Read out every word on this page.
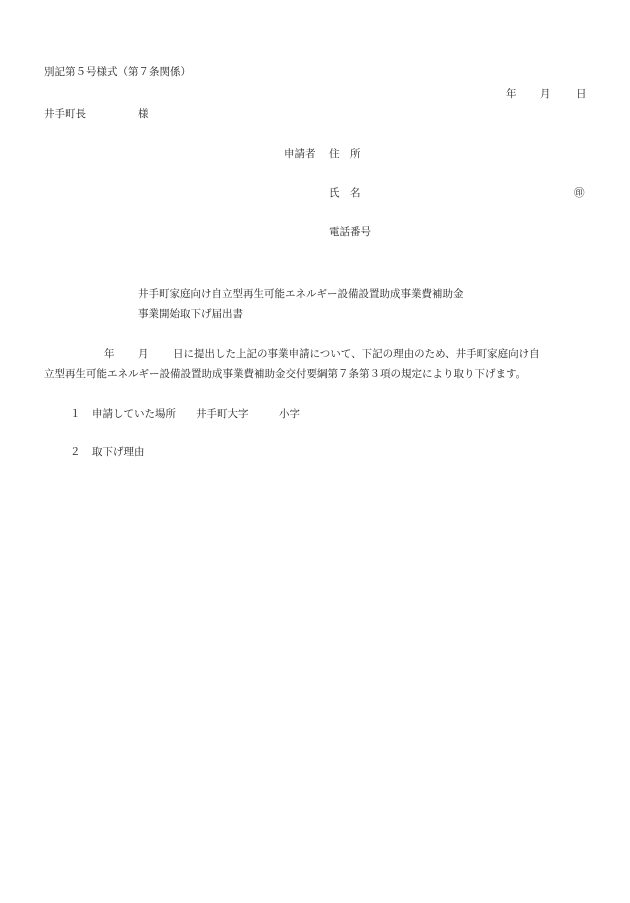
別記第５号様式（第７条関係）
年 月 日
井手町長	様
申請者 住　所
氏　名	㊞
電話番号
井手町家庭向け自立型再生可能エネルギー設備設置助成事業費補助金
事業開始取下げ届出書
年 月 日に提出した上記の事業申請について、下記の理由のため、井手町家庭向け自
立型再生可能エネルギー設備設置助成事業費補助金交付要綱第７条第３項の規定により取り下げます。
１ 申請していた場所 井手町大字	小字
２ 取下げ理由
